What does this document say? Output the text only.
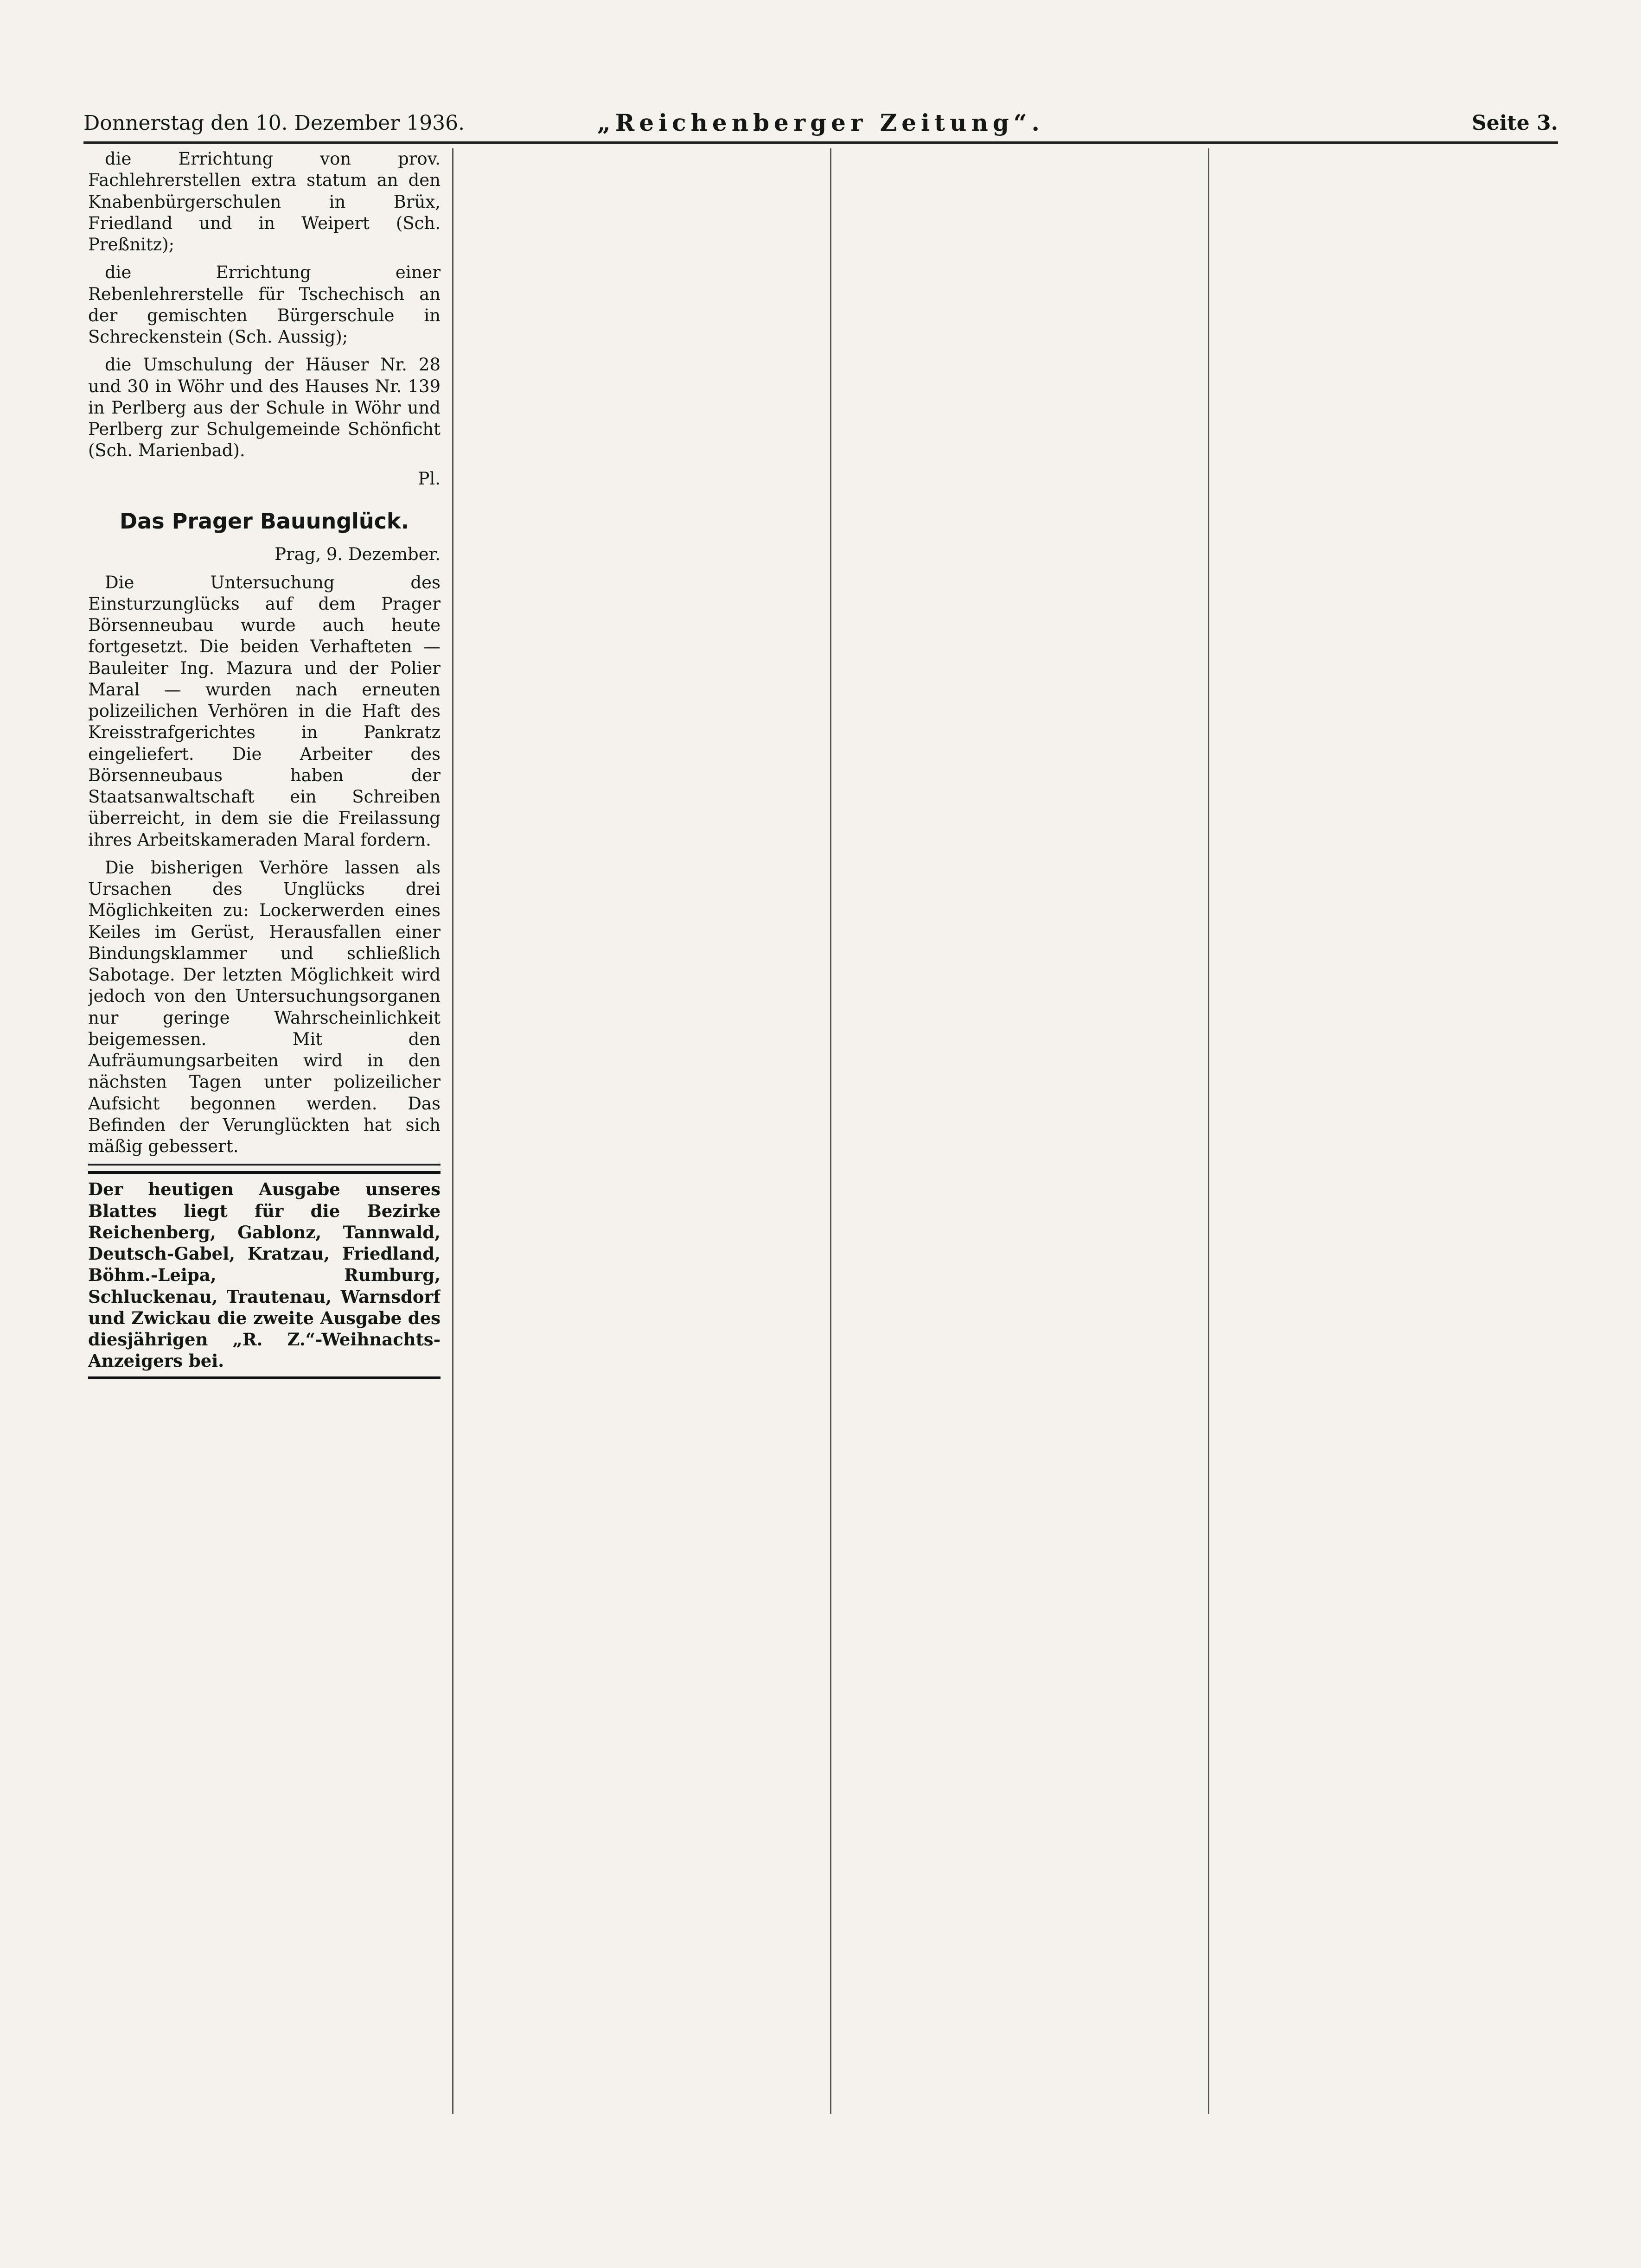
Donnerstag den 10. Dezember 1936.	„Reichenberger Zeitung“.	Seite 3.

die Errichtung von prov. Fachlehrerstellen extra statum an den Knabenbürgerschulen in Brüx, Friedland und in Weipert (Sch. Preßnitz);

die Errichtung einer Rebenlehrerstelle für Tschechisch an der gemischten Bürgerschule in Schreckenstein (Sch. Aussig);

die Umschulung der Häuser Nr. 28 und 30 in Wöhr und des Hauses Nr. 139 in Perlberg aus der Schule in Wöhr und Perlberg zur Schulgemeinde Schönficht (Sch. Marienbad).

Pl.
Das Prager Bauunglück.

Prag, 9. Dezember.

Die Untersuchung des Einsturzunglücks auf dem Prager Börsenneubau wurde auch heute fortgesetzt. Die beiden Verhafteten — Bauleiter Ing. Mazura und der Polier Maral — wurden nach erneuten polizeilichen Verhören in die Haft des Kreisstrafgerichtes in Pankratz eingeliefert. Die Arbeiter des Börsenneubaus haben der Staatsanwaltschaft ein Schreiben überreicht, in dem sie die Freilassung ihres Arbeitskameraden Maral fordern.

Die bisherigen Verhöre lassen als Ursachen des Unglücks drei Möglichkeiten zu: Lockerwerden eines Keiles im Gerüst, Herausfallen einer Bindungsklammer und schließlich Sabotage. Der letzten Möglichkeit wird jedoch von den Untersuchungsorganen nur geringe Wahrscheinlichkeit beigemessen. Mit den Aufräumungsarbeiten wird in den nächsten Tagen unter polizeilicher Aufsicht begonnen werden. Das Befinden der Verunglückten hat sich mäßig gebessert.

Der heutigen Ausgabe unseres Blattes liegt für die Bezirke Reichenberg, Gablonz, Tannwald, Deutsch-Gabel, Kratzau, Friedland, Böhm.-Leipa, Rumburg, Schluckenau, Trautenau, Warnsdorf und Zwickau die zweite Ausgabe des diesjährigen „R. Z.“-Weihnachts-Anzeigers bei.
